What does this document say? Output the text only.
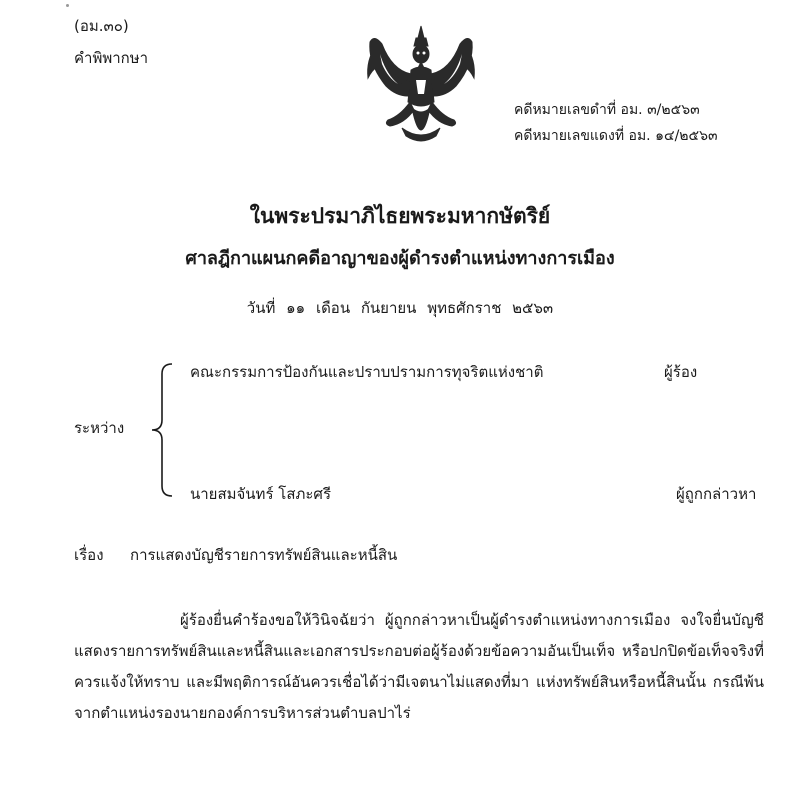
(อม.๓๐)
คำพิพากษา
คดีหมายเลขดำที่ อม. ๓/๒๕๖๓
คดีหมายเลขแดงที่ อม. ๑๔/๒๕๖๓
ในพระปรมาภิไธยพระมหากษัตริย์
ศาลฎีกาแผนกคดีอาญาของผู้ดำรงตำแหน่งทางการเมือง
วันที่ ๑๑ เดือน กันยายน พุทธศักราช ๒๕๖๓
ระหว่าง
คณะกรรมการป้องกันและปราบปรามการทุจริตแห่งชาติ	ผู้ร้อง
นายสมจันทร์ โสภะศรี	ผู้ถูกกล่าวหา
เรื่อง การแสดงบัญชีรายการทรัพย์สินและหนี้สิน
ผู้ร้องยื่นคำร้องขอให้วินิจฉัยว่า ผู้ถูกกล่าวหาเป็นผู้ดำรงตำแหน่งทางการเมือง จงใจยื่นบัญชีแสดงรายการทรัพย์สินและหนี้สินและเอกสารประกอบต่อผู้ร้องด้วยข้อความอันเป็นเท็จ หรือปกปิดข้อเท็จจริงที่ควรแจ้งให้ทราบ และมีพฤติการณ์อันควรเชื่อได้ว่ามีเจตนาไม่แสดงที่มา แห่งทรัพย์สินหรือหนี้สินนั้น กรณีพ้นจากตำแหน่งรองนายกองค์การบริหารส่วนตำบลปาไร่
